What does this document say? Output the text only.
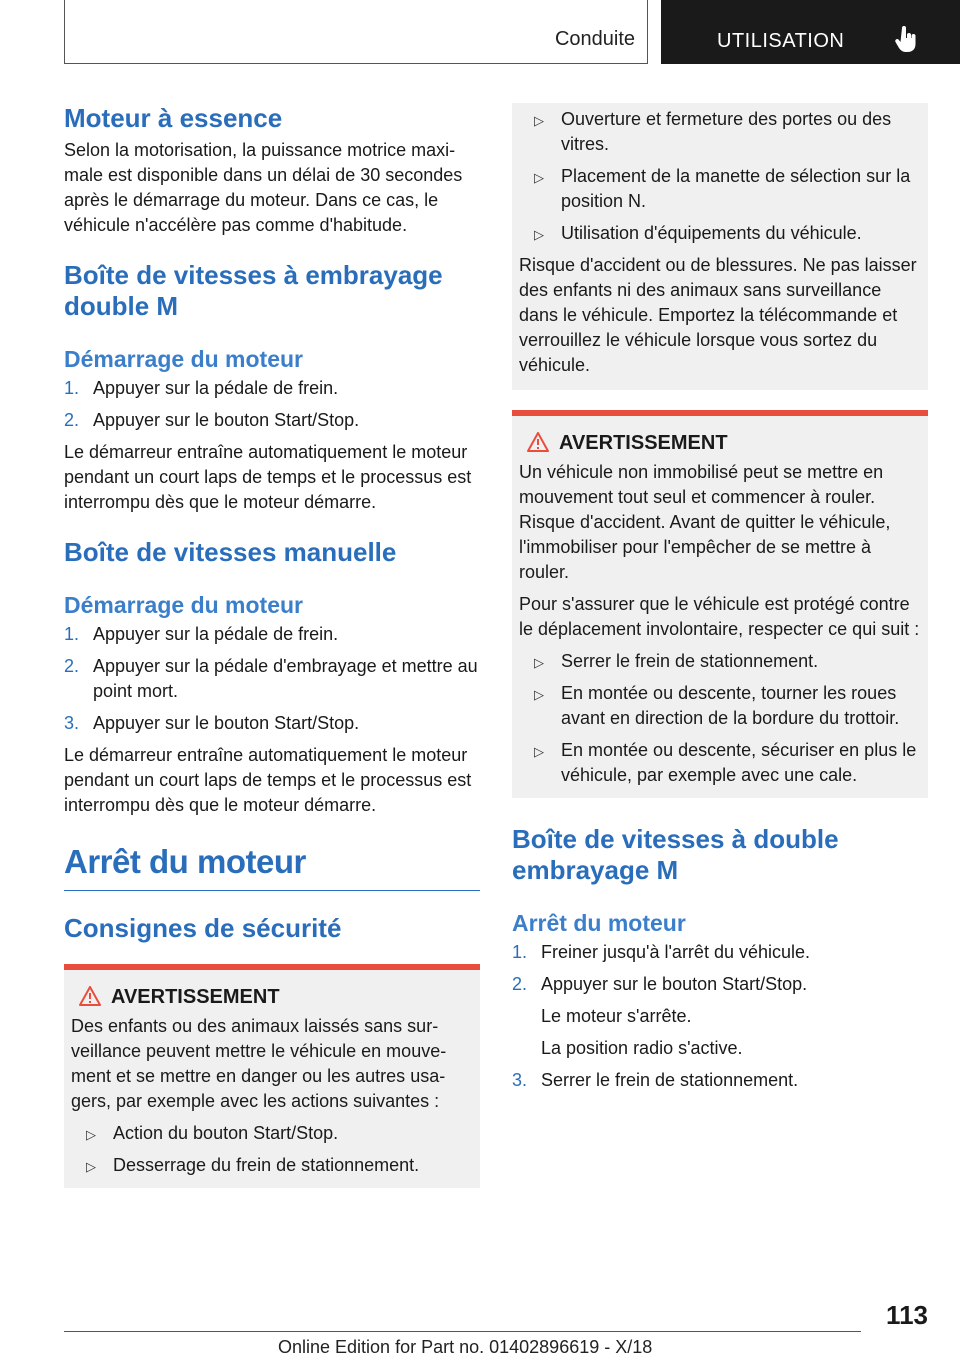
Conduite	UTILISATION
Moteur à essence

Selon la motorisation, la puissance motrice maximale est disponible dans un délai de 30 secondes après le démarrage du moteur. Dans ce cas, le véhicule n'accélère pas comme d'habitude.

Boîte de vitesses à embrayage double M
Démarrage du moteur
1. Appuyer sur la pédale de frein.
2. Appuyer sur le bouton Start/Stop.

Le démarreur entraîne automatiquement le moteur pendant un court laps de temps et le processus est interrompu dès que le moteur démarre.

Boîte de vitesses manuelle
Démarrage du moteur
1. Appuyer sur la pédale de frein.
2. Appuyer sur la pédale d'embrayage et mettre au point mort.
3. Appuyer sur le bouton Start/Stop.

Le démarreur entraîne automatiquement le moteur pendant un court laps de temps et le processus est interrompu dès que le moteur démarre.

Arrêt du moteur
Consignes de sécurité
AVERTISSEMENT

Des enfants ou des animaux laissés sans surveillance peuvent mettre le véhicule en mouvement et se mettre en danger ou les autres usagers, par exemple avec les actions suivantes :

▷ Action du bouton Start/Stop.
▷ Desserrage du frein de stationnement.
▷ Ouverture et fermeture des portes ou des vitres.
▷ Placement de la manette de sélection sur la position N.
▷ Utilisation d'équipements du véhicule.

Risque d'accident ou de blessures. Ne pas laisser des enfants ni des animaux sans surveillance dans le véhicule. Emportez la télécommande et verrouillez le véhicule lorsque vous sortez du véhicule.

AVERTISSEMENT

Un véhicule non immobilisé peut se mettre en mouvement tout seul et commencer à rouler. Risque d'accident. Avant de quitter le véhicule, l'immobiliser pour l'empêcher de se mettre à rouler.

Pour s'assurer que le véhicule est protégé contre le déplacement involontaire, respecter ce qui suit :

▷ Serrer le frein de stationnement.
▷ En montée ou descente, tourner les roues avant en direction de la bordure du trottoir.
▷ En montée ou descente, sécuriser en plus le véhicule, par exemple avec une cale.
Boîte de vitesses à double embrayage M
Arrêt du moteur
1. Freiner jusqu'à l'arrêt du véhicule.
2. Appuyer sur le bouton Start/Stop.
Le moteur s'arrête.
La position radio s'active.
3. Serrer le frein de stationnement.
113
Online Edition for Part no. 01402896619 - X/18
